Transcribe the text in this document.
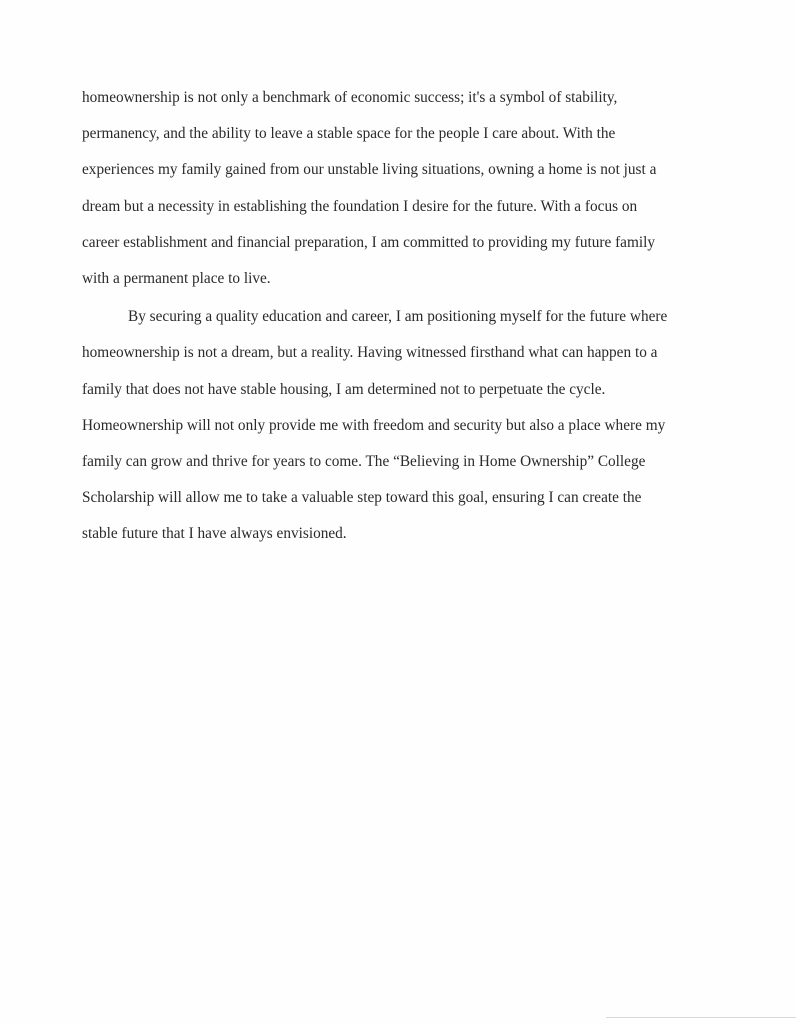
homeownership is not only a benchmark of economic success; it's a symbol of stability,
permanency, and the ability to leave a stable space for the people I care about. With the
experiences my family gained from our unstable living situations, owning a home is not just a
dream but a necessity in establishing the foundation I desire for the future. With a focus on
career establishment and financial preparation, I am committed to providing my future family
with a permanent place to live.
By securing a quality education and career, I am positioning myself for the future where
homeownership is not a dream, but a reality. Having witnessed firsthand what can happen to a
family that does not have stable housing, I am determined not to perpetuate the cycle.
Homeownership will not only provide me with freedom and security but also a place where my
family can grow and thrive for years to come. The “Believing in Home Ownership” College
Scholarship will allow me to take a valuable step toward this goal, ensuring I can create the
stable future that I have always envisioned.
